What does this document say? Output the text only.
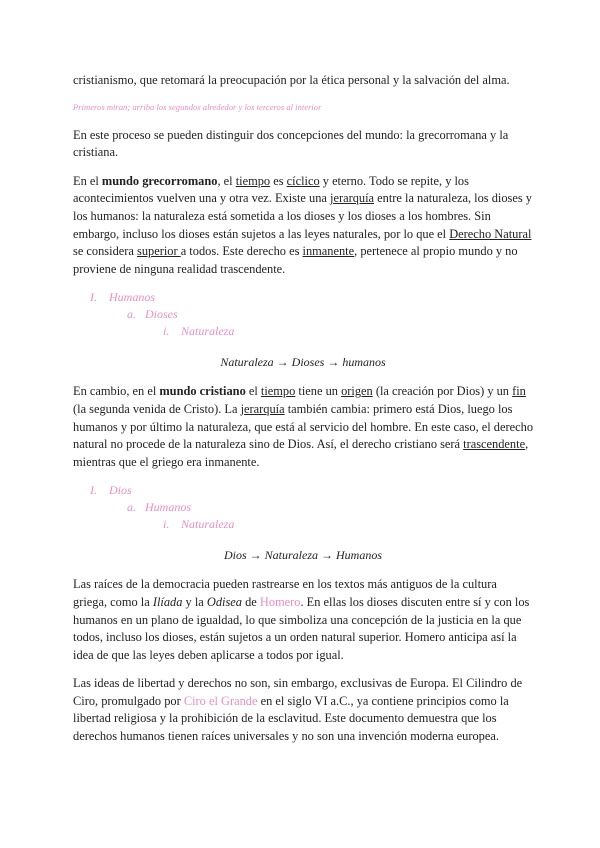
cristianismo, que retomará la preocupación por la ética personal y la salvación del alma.

Primeros miran; arriba los segundos alrededor y los terceros al interior

En este proceso se pueden distinguir dos concepciones del mundo: la grecorromana y la cristiana.

En el mundo grecorromano, el tiempo es cíclico y eterno. Todo se repite, y los acontecimientos vuelven una y otra vez. Existe una jerarquía entre la naturaleza, los dioses y los humanos: la naturaleza está sometida a los dioses y los dioses a los hombres. Sin embargo, incluso los dioses están sujetos a las leyes naturales, por lo que el Derecho Natural se considera superior a todos. Este derecho es inmanente, pertenece al propio mundo y no proviene de ninguna realidad trascendente.

I. Humanos
a. Dioses
i. Naturaleza
Naturaleza → Dioses → humanos

En cambio, en el mundo cristiano el tiempo tiene un origen (la creación por Dios) y un fin (la segunda venida de Cristo). La jerarquía también cambia: primero está Dios, luego los humanos y por último la naturaleza, que está al servicio del hombre. En este caso, el derecho natural no procede de la naturaleza sino de Dios. Así, el derecho cristiano será trascendente, mientras que el griego era inmanente.

I. Dios
a. Humanos
i. Naturaleza
Dios → Naturaleza → Humanos

Las raíces de la democracia pueden rastrearse en los textos más antiguos de la cultura griega, como la Ilíada y la Odisea de Homero. En ellas los dioses discuten entre sí y con los humanos en un plano de igualdad, lo que simboliza una concepción de la justicia en la que todos, incluso los dioses, están sujetos a un orden natural superior. Homero anticipa así la idea de que las leyes deben aplicarse a todos por igual.

Las ideas de libertad y derechos no son, sin embargo, exclusivas de Europa. El Cilindro de Ciro, promulgado por Ciro el Grande en el siglo VI a.C., ya contiene principios como la libertad religiosa y la prohibición de la esclavitud. Este documento demuestra que los derechos humanos tienen raíces universales y no son una invención moderna europea.
